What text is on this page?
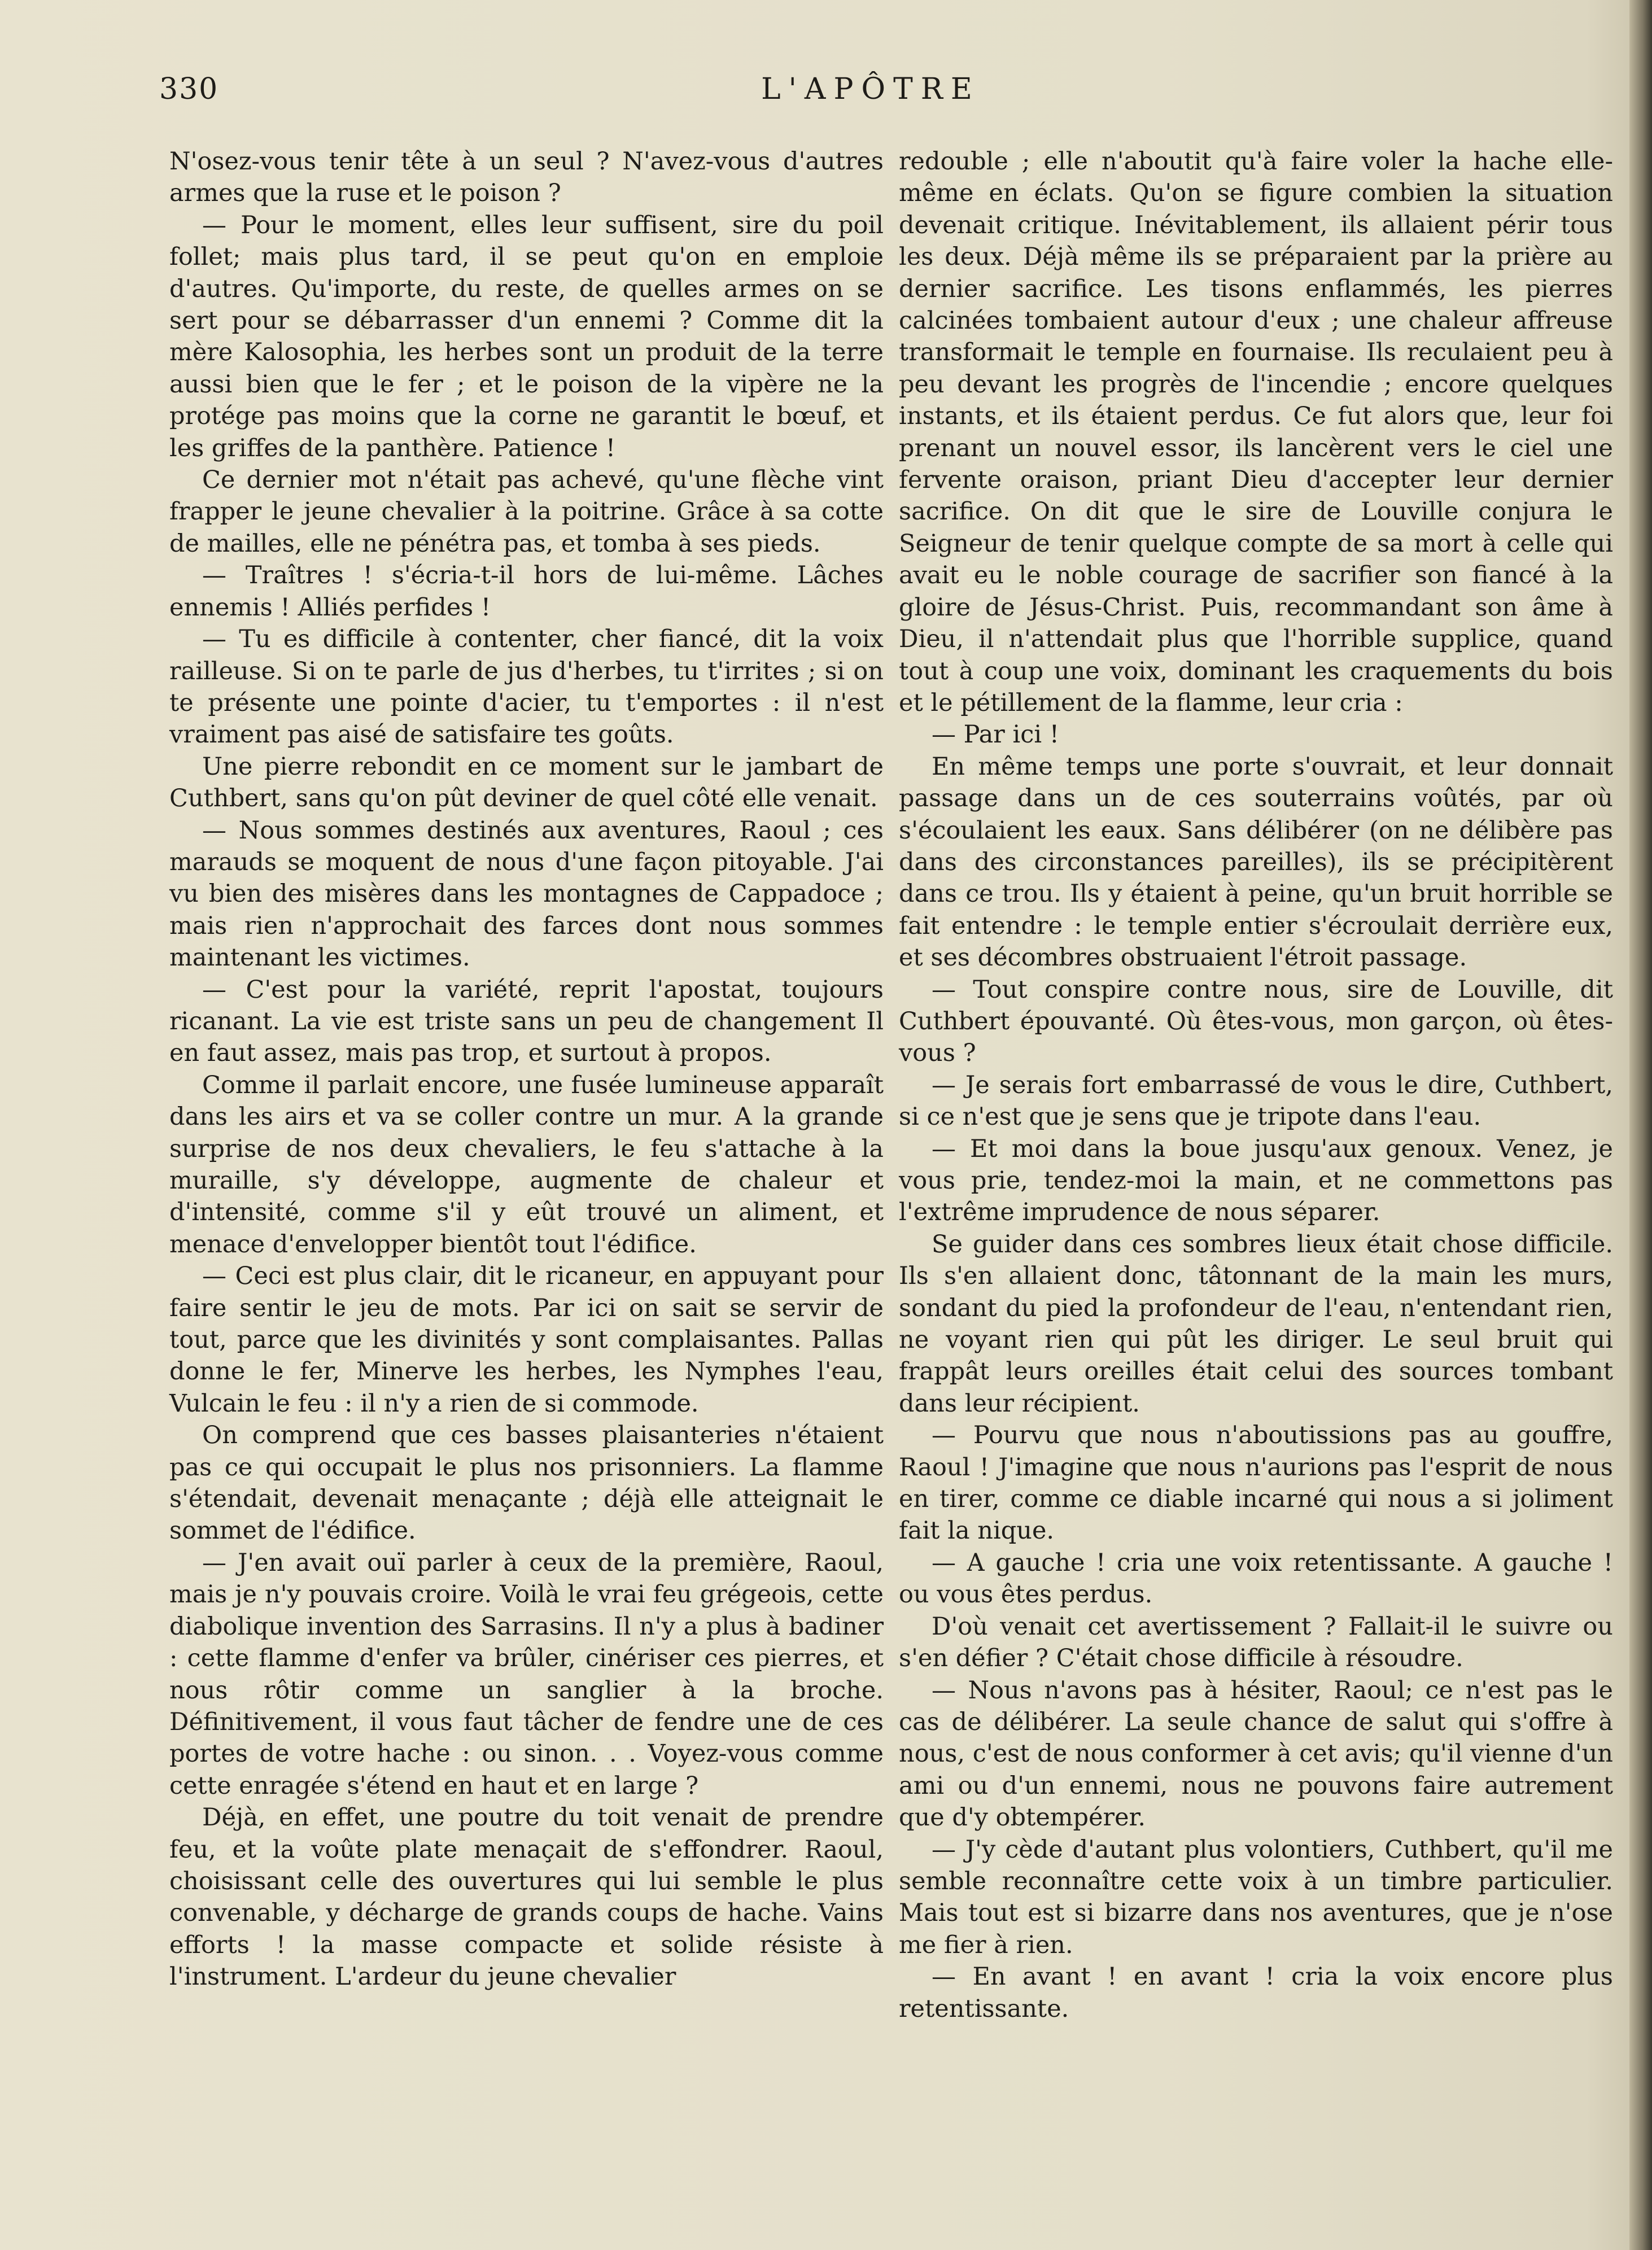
330	L'APÔTRE

N'osez-vous tenir tête à un seul ? N'avez-vous d'autres armes que la ruse et le poison ?

— Pour le moment, elles leur suffisent, sire du poil follet; mais plus tard, il se peut qu'on en emploie d'autres. Qu'importe, du reste, de quelles armes on se sert pour se débarrasser d'un ennemi ? Comme dit la mère Kalosophia, les herbes sont un produit de la terre aussi bien que le fer ; et le poison de la vipère ne la protége pas moins que la corne ne garantit le bœuf, et les griffes de la panthère. Patience !

Ce dernier mot n'était pas achevé, qu'une flèche vint frapper le jeune chevalier à la poitrine. Grâce à sa cotte de mailles, elle ne pénétra pas, et tomba à ses pieds.

— Traîtres ! s'écria-t-il hors de lui-même. Lâches ennemis ! Alliés perfides !

— Tu es difficile à contenter, cher fiancé, dit la voix railleuse. Si on te parle de jus d'herbes, tu t'irrites ; si on te présente une pointe d'acier, tu t'emportes : il n'est vraiment pas aisé de satisfaire tes goûts.

Une pierre rebondit en ce moment sur le jambart de Cuthbert, sans qu'on pût deviner de quel côté elle venait.

— Nous sommes destinés aux aventures, Raoul ; ces marauds se moquent de nous d'une façon pitoyable. J'ai vu bien des misères dans les montagnes de Cappadoce ; mais rien n'approchait des farces dont nous sommes maintenant les victimes.

— C'est pour la variété, reprit l'apostat, toujours ricanant. La vie est triste sans un peu de changement Il en faut assez, mais pas trop, et surtout à propos.

Comme il parlait encore, une fusée lumineuse apparaît dans les airs et va se coller contre un mur. A la grande surprise de nos deux chevaliers, le feu s'attache à la muraille, s'y développe, augmente de chaleur et d'intensité, comme s'il y eût trouvé un aliment, et menace d'envelopper bientôt tout l'édifice.

— Ceci est plus clair, dit le ricaneur, en appuyant pour faire sentir le jeu de mots. Par ici on sait se servir de tout, parce que les divinités y sont complaisantes. Pallas donne le fer, Minerve les herbes, les Nymphes l'eau, Vulcain le feu : il n'y a rien de si commode.

On comprend que ces basses plaisanteries n'étaient pas ce qui occupait le plus nos prisonniers. La flamme s'étendait, devenait menaçante ; déjà elle atteignait le sommet de l'édifice.

— J'en avait ouï parler à ceux de la première, Raoul, mais je n'y pouvais croire. Voilà le vrai feu grégeois, cette diabolique invention des Sarrasins. Il n'y a plus à badiner : cette flamme d'enfer va brûler, cinériser ces pierres, et nous rôtir comme un sanglier à la broche. Définitivement, il vous faut tâcher de fendre une de ces portes de votre hache : ou sinon. . . Voyez-vous comme cette enragée s'étend en haut et en large ?

Déjà, en effet, une poutre du toit venait de prendre feu, et la voûte plate menaçait de s'effondrer. Raoul, choisissant celle des ouvertures qui lui semble le plus convenable, y décharge de grands coups de hache. Vains efforts ! la masse compacte et solide résiste à l'instrument. L'ardeur du jeune chevalier

redouble ; elle n'aboutit qu'à faire voler la hache elle-même en éclats. Qu'on se figure combien la situation devenait critique. Inévitablement, ils allaient périr tous les deux. Déjà même ils se préparaient par la prière au dernier sacrifice. Les tisons enflammés, les pierres calcinées tombaient autour d'eux ; une chaleur affreuse transformait le temple en fournaise. Ils reculaient peu à peu devant les progrès de l'incendie ; encore quelques instants, et ils étaient perdus. Ce fut alors que, leur foi prenant un nouvel essor, ils lancèrent vers le ciel une fervente oraison, priant Dieu d'accepter leur dernier sacrifice. On dit que le sire de Louville conjura le Seigneur de tenir quelque compte de sa mort à celle qui avait eu le noble courage de sacrifier son fiancé à la gloire de Jésus-Christ. Puis, recommandant son âme à Dieu, il n'attendait plus que l'horrible supplice, quand tout à coup une voix, dominant les craquements du bois et le pétillement de la flamme, leur cria :

— Par ici !

En même temps une porte s'ouvrait, et leur donnait passage dans un de ces souterrains voûtés, par où s'écoulaient les eaux. Sans délibérer (on ne délibère pas dans des circonstances pareilles), ils se précipitèrent dans ce trou. Ils y étaient à peine, qu'un bruit horrible se fait entendre : le temple entier s'écroulait derrière eux, et ses décombres obstruaient l'étroit passage.

— Tout conspire contre nous, sire de Louville, dit Cuthbert épouvanté. Où êtes-vous, mon garçon, où êtes-vous ?

— Je serais fort embarrassé de vous le dire, Cuthbert, si ce n'est que je sens que je tripote dans l'eau.

— Et moi dans la boue jusqu'aux genoux. Venez, je vous prie, tendez-moi la main, et ne commettons pas l'extrême imprudence de nous séparer.

Se guider dans ces sombres lieux était chose difficile. Ils s'en allaient donc, tâtonnant de la main les murs, sondant du pied la profondeur de l'eau, n'entendant rien, ne voyant rien qui pût les diriger. Le seul bruit qui frappât leurs oreilles était celui des sources tombant dans leur récipient.

— Pourvu que nous n'aboutissions pas au gouffre, Raoul ! J'imagine que nous n'aurions pas l'esprit de nous en tirer, comme ce diable incarné qui nous a si joliment fait la nique.

— A gauche ! cria une voix retentissante. A gauche ! ou vous êtes perdus.

D'où venait cet avertissement ? Fallait-il le suivre ou s'en défier ? C'était chose difficile à résoudre.

— Nous n'avons pas à hésiter, Raoul; ce n'est pas le cas de délibérer. La seule chance de salut qui s'offre à nous, c'est de nous conformer à cet avis; qu'il vienne d'un ami ou d'un ennemi, nous ne pouvons faire autrement que d'y obtempérer.

— J'y cède d'autant plus volontiers, Cuthbert, qu'il me semble reconnaître cette voix à un timbre particulier. Mais tout est si bizarre dans nos aventures, que je n'ose me fier à rien.

— En avant ! en avant ! cria la voix encore plus retentissante.
